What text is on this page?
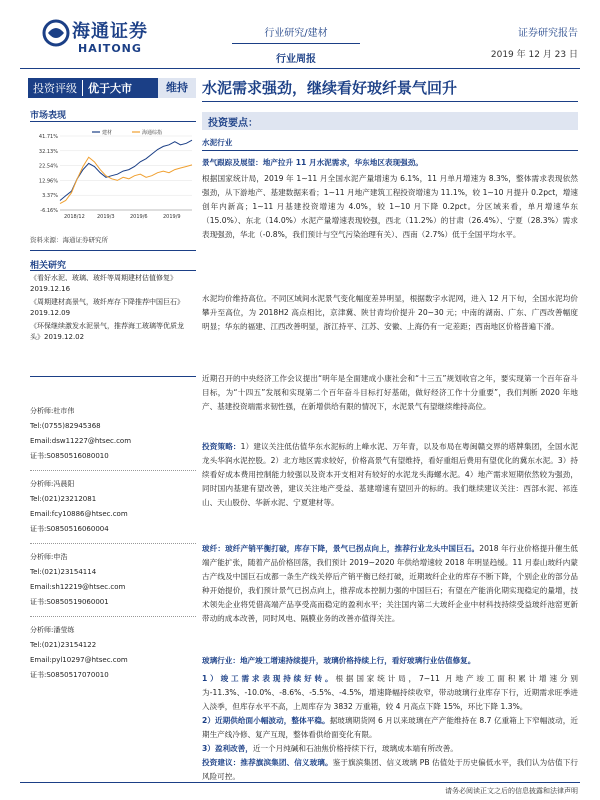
海通证券
HAITONG
行业研究/建材
行业周报
证券研究报告
2019 年 12 月 23 日
投资评级	优于大市	维持 水泥需求强劲，继续看好玻纤景气回升
市场表现
41.71%
32.13%
22.54%
12.96%
3.37%
-6.16%
2018/12 2019/3	2019/6	2019/9
建材	海通综指
资料来源：海通证券研究所
相关研究
《看好水泥、玻璃、玻纤等周期建材估值修复》2019.12.16
《周期建材高景气，玻纤库存下降推荐中国巨石》2019.12.09
《环保继续激发水泥景气，推荐海工玻璃等优质龙头》2019.12.02
分析师:杜市伟
Tel:(0755)82945368
Email:dsw11227@htsec.com
证书:S0850516080010
分析师:冯晨阳
Tel:(021)23212081
Email:fcy10886@htsec.com
证书:S0850516060004
分析师:申浩
Tel:(021)23154114
Email:sh12219@htsec.com
证书:S0850519060001
分析师:潘莹练
Tel:(021)23154122
Email:pyl10297@htsec.com
证书:S0850517070010
投资要点：
水泥行业
景气跟踪及展望：地产拉升 11 月水泥需求，华东地区表现强劲。
根据国家统计局，2019 年 1~11 月全国水泥产量增速为 6.1%，11 月单月增速为 8.3%，整体需求表现依然强劲，从下游地产、基建数据来看；1~11 月地产建筑工程投资增速为 11.1%，较 1~10 月提升 0.2pct，增速创年内新高；1~11 月基建投资增速为 4.0%，较 1~10 月下降 0.2pct。分区域来看，单月增速华东（15.0%）、东北（14.0%）水泥产量增速表现较强，西北（11.2%）的甘肃（26.4%）、宁夏（28.3%）需求表现强劲，华北（-0.8%，我们预计与空气污染治理有关）、西南（2.7%）低于全国平均水平。
水泥均价维持高位。不同区域间水泥景气变化幅度差异明显，根据数字水泥网，进入 12 月下旬，全国水泥均价攀升至高位，为 2018H2 高点相比，京津冀、陕甘青均价提升 20~30 元；中南的湖南、广东、广西改善幅度明显；华东的福建、江西改善明显，浙江持平、江苏、安徽、上海仍有一定差距；西南地区价格普遍下滑。
近期召开的中央经济工作会议提出“明年是全面建成小康社会和“十三五”规划收官之年，要实现第一个百年奋斗目标，为“十四五”发展和实现第二个百年奋斗目标打好基础，做好经济工作十分重要”，我们判断 2020 年地产、基建投资端需求韧性强，在新增供给有限的情况下，水泥景气有望继续维持高位。
投资策略：1）建议关注低估值华东水泥标的上峰水泥、万年青，以及布局在粤闽赣交界的塔牌集团，全国水泥龙头华润水泥控股。2）北方地区需求较好，价格高景气有望维持，看好重组后费用有望优化的冀东水泥。3）持续看好成本费用控制能力较强以及资本开支相对有较好的水泥龙头海螺水泥。4）地产需求短期依然较为强劲，同时国内基建有望改善，建议关注地产受益、基建增速有望回升的标的。我们继续建议关注：西部水泥、祁连山、天山股份、华新水泥、宁夏建材等。
玻纤：玻纤产销平衡打破，库存下降，景气已拐点向上，推荐行业龙头中国巨石。2018 年行业价格提升催生低端产能扩张，随着产品价格回落，我们预计 2019~2020 年供给增速较 2018 年明显趋缓。11 月泰山玻纤内蒙古产线及中国巨石成都一条生产线关停后产销平衡已经打破，近期玻纤企业的库存不断下降，个别企业的部分品种开始提价，我们预计景气已拐点向上，推荐成本控制力强的中国巨石；有望在产能消化期实现稳定的量增，技术领先企业将凭借高端产品享受高而稳定的盈利水平；关注国内第二大玻纤企业中材科技持续受益玻纤池窑更新带动的成本改善，同时风电、隔膜业务的改善亦值得关注。
玻璃行业：地产竣工增速持续提升，玻璃价格持续上行，看好玻璃行业估值修复。
1）竣工需求表现持续好转。根据国家统计局，7~11 月地产竣工面积累计增速分别为-11.3%、-10.0%、-8.6%、-5.5%、-4.5%，增速降幅持续收窄，带动玻璃行业库存下行，近期需求旺季进入淡季，但库存水平不高，上周库存为 3832 万重箱，较 4 月高点下降 15%，环比下降 1.3%。
2）近期供给面小幅波动，整体平稳。据玻璃期货网 6 月以来玻璃在产产能维持在 8.7 亿重箱上下窄幅波动，近期生产线冷修、复产互现，整体看供给面变化有限。
3）盈利改善，近一个月纯碱和石油焦价格持续下行，玻璃成本端有所改善。
投资建议：推荐旗滨集团、信义玻璃。鉴于旗滨集团、信义玻璃 PB 估值处于历史偏低水平，我们认为估值下行风险可控。
请务必阅读正文之后的信息披露和法律声明
